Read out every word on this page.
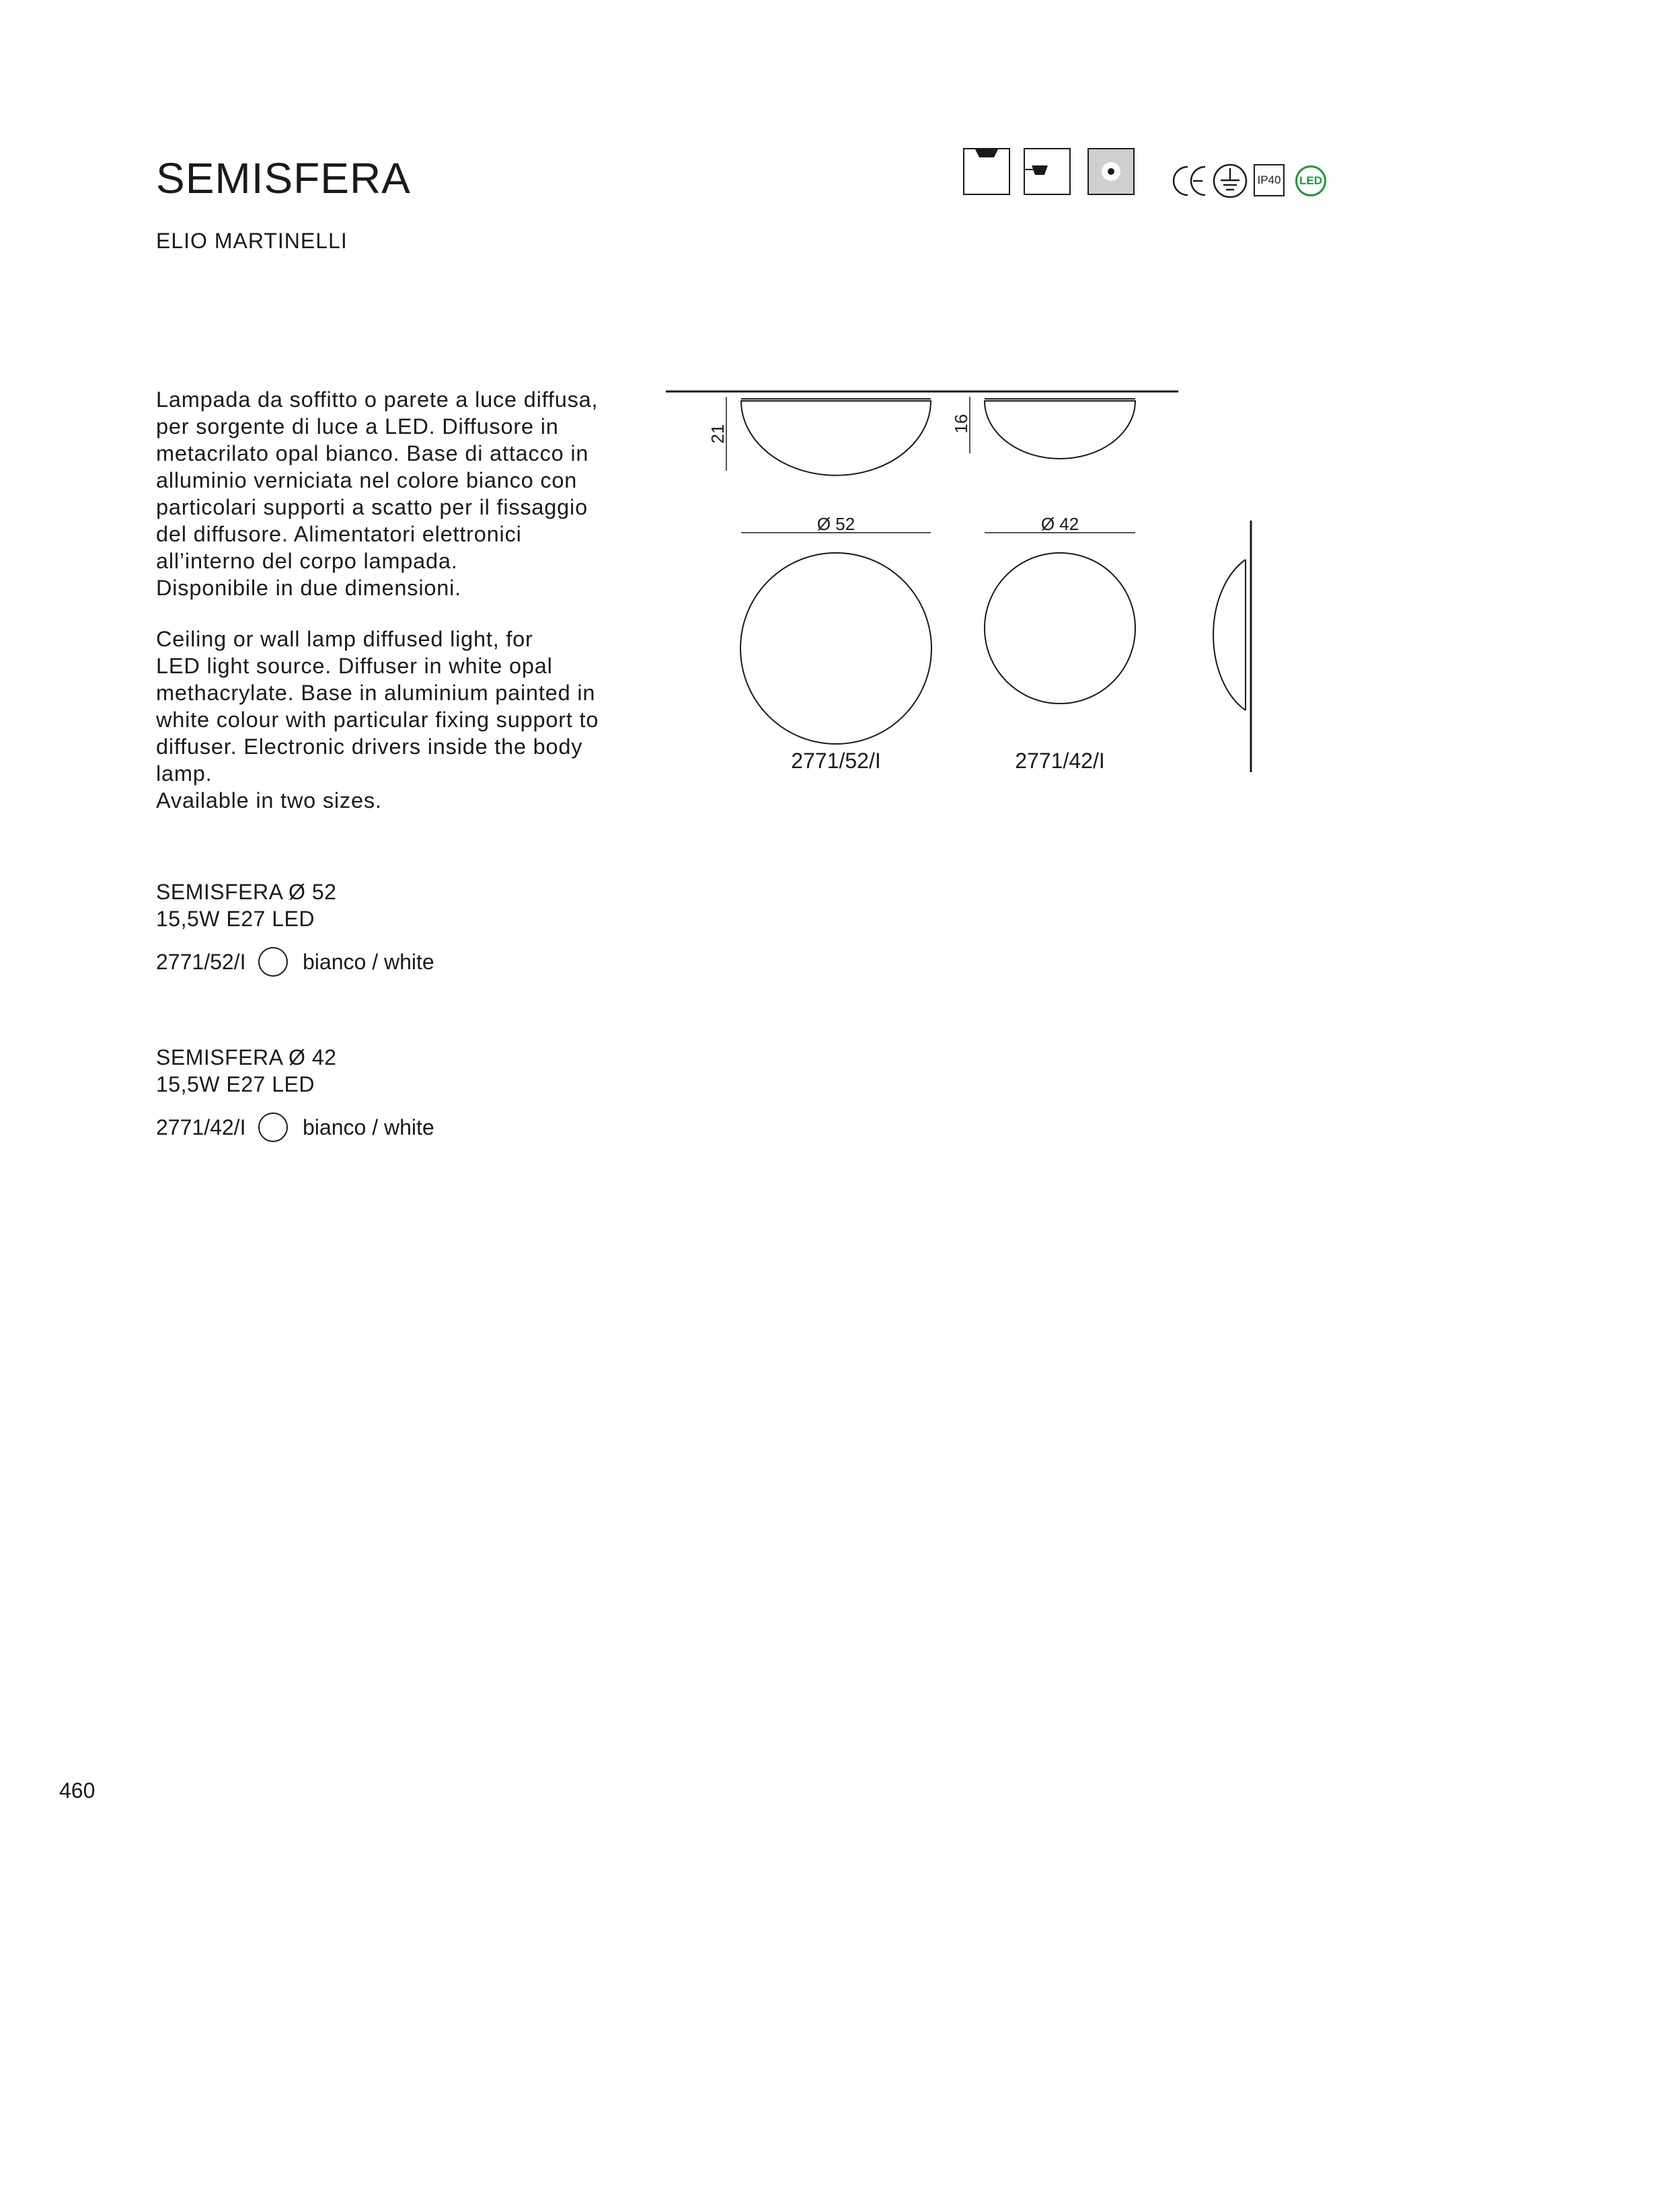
SEMISFERA
ELIO MARTINELLI
IP40 LED
Lampada da soffitto o parete a luce diffusa,
per sorgente di luce a LED. Diffusore in
metacrilato opal bianco. Base di attacco in
alluminio verniciata nel colore bianco con
particolari supporti a scatto per il fissaggio
del diffusore. Alimentatori elettronici
all’interno del corpo lampada.
Disponibile in due dimensioni.
Ceiling or wall lamp diffused light, for
LED light source. Diffuser in white opal
methacrylate. Base in aluminium painted in
white colour with particular fixing support to
diffuser. Electronic drivers inside the body
lamp.
Available in two sizes.
21
16
Ø 52	Ø 42
2771/52/I	2771/42/I
SEMISFERA Ø 52
15,5W E27 LED
2771/52/I	bianco / white
SEMISFERA Ø 42
15,5W E27 LED
2771/42/I	bianco / white
460
